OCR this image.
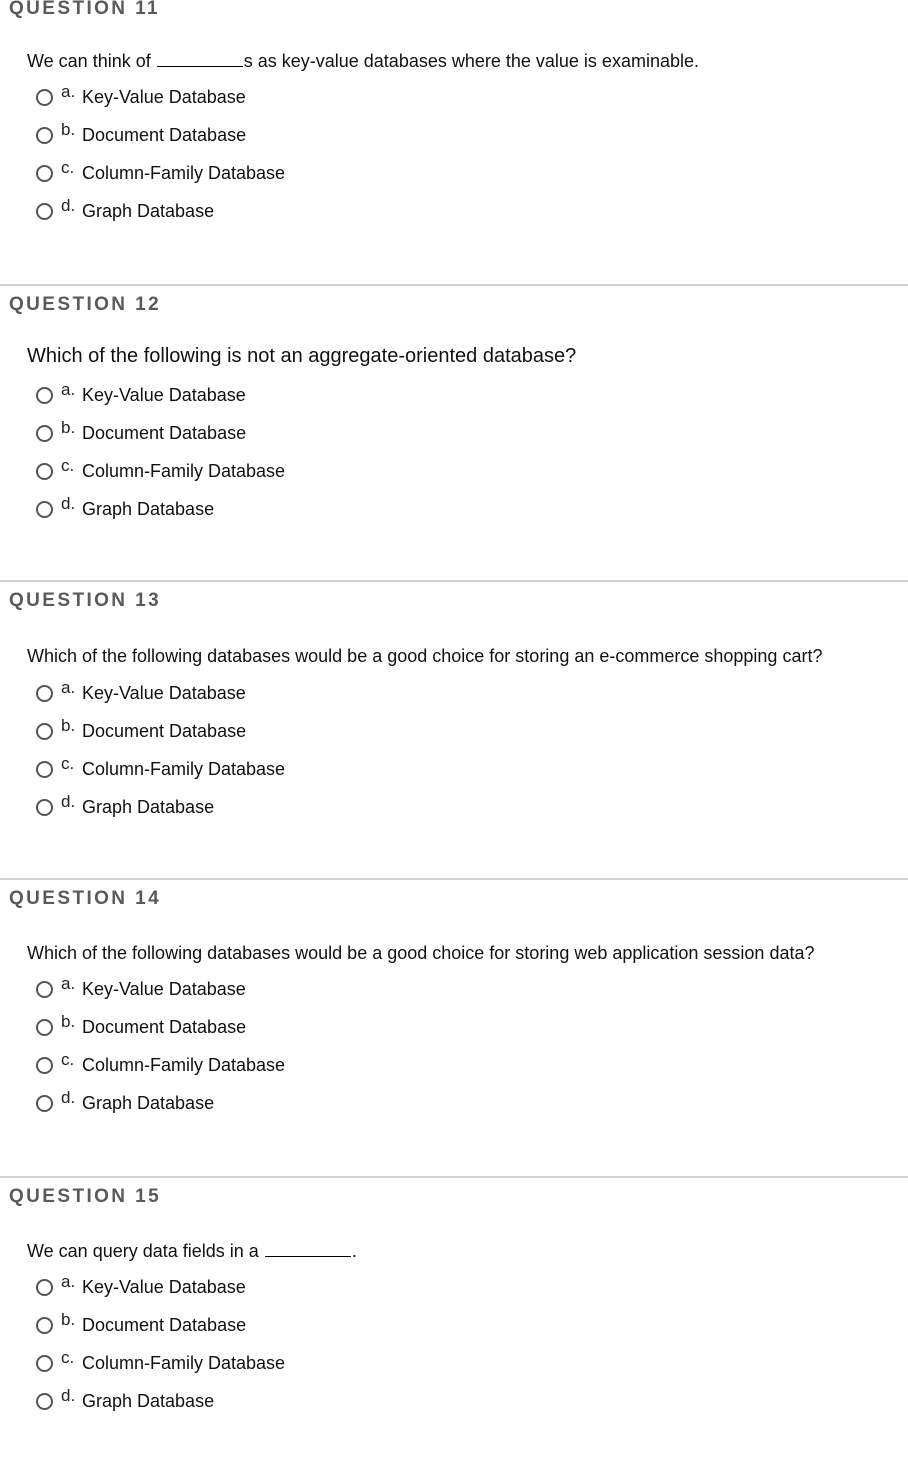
QUESTION 11
We can think of	s as key-value databases where the value is examinable.
a. Key-Value Database
b. Document Database
c. Column-Family Database
d. Graph Database
QUESTION 12
Which of the following is not an aggregate-oriented database?
a. Key-Value Database
b. Document Database
c. Column-Family Database
d. Graph Database
QUESTION 13
Which of the following databases would be a good choice for storing an e-commerce shopping cart?
a. Key-Value Database
b. Document Database
c. Column-Family Database
d. Graph Database
QUESTION 14
Which of the following databases would be a good choice for storing web application session data?
a. Key-Value Database
b. Document Database
c. Column-Family Database
d. Graph Database
QUESTION 15
We can query data fields in a	.
a. Key-Value Database
b. Document Database
c. Column-Family Database
d. Graph Database
